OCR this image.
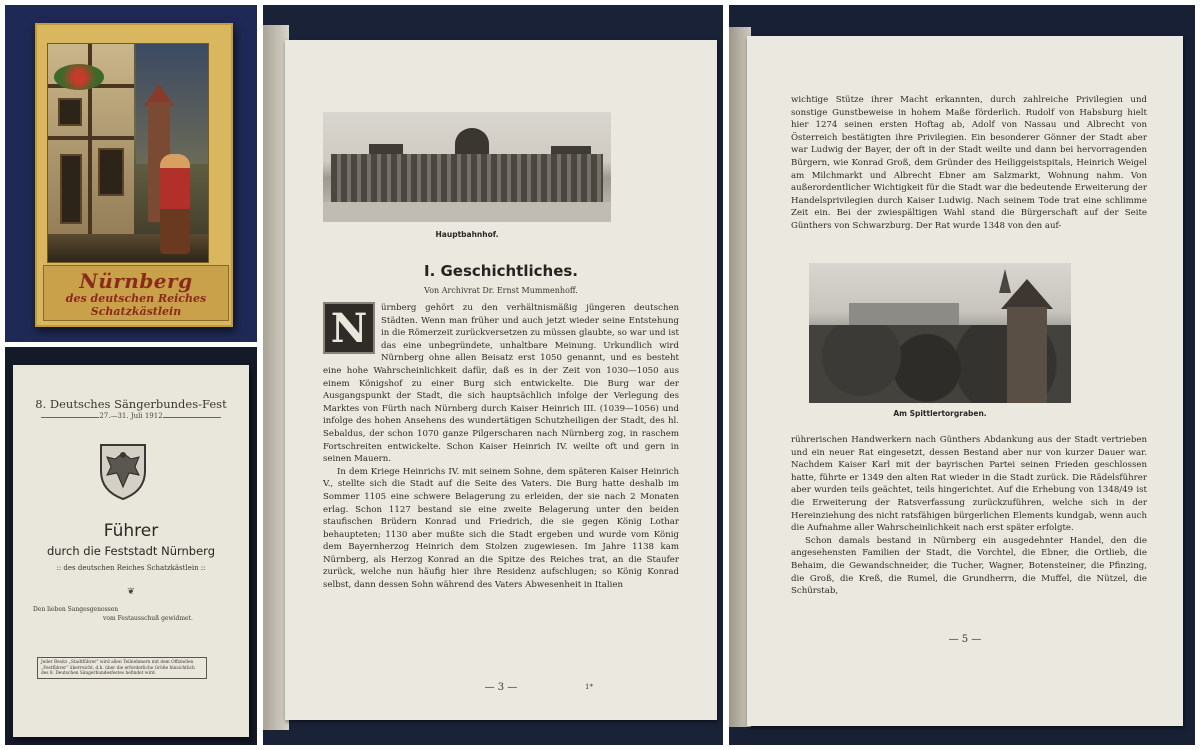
Nürnberg
des deutschen Reiches Schatzkästlein
8. Deutsches Sängerbundes-Fest
27.—31. Juli 1912
Führer
durch die Feststadt Nürnberg
:: des deutschen Reiches Schatzkästlein ::
❦
Den lieben Sangesgenossen
vom Festausschuß gewidmet.
Jeder Besitz „Stadtführer“ wird allen Teilnehmern mit dem Offiziellen „Festführer“ überreicht, d.h. über die erforderliche Größe hinsichtlich des 8. Deutschen Sängerbundesfestes befindet wird.
Hauptbahnhof.
I. Geschichtliches.
Von Archivrat Dr. Ernst Mummenhoff.

ürnberg gehört zu den verhältnismäßig jüngeren deutschen Städten. Wenn man früher und auch jetzt wieder seine Entstehung in die Römerzeit zurückversetzen zu müssen glaubte, so war und ist das eine unbegründete, unhaltbare Meinung. Urkundlich wird Nürnberg ohne allen Beisatz erst 1050 genannt, und es besteht eine hohe Wahrscheinlichkeit dafür, daß es in der Zeit von 1030—1050 aus einem Königshof zu einer Burg sich entwickelte. Die Burg war der Ausgangspunkt der Stadt, die sich hauptsächlich infolge der Verlegung des Marktes von Fürth nach Nürnberg durch Kaiser Heinrich III. (1039—1056) und infolge des hohen Ansehens des wundertätigen Schutzheiligen der Stadt, des hl. Sebaldus, der schon 1070 ganze Pilgerscharen nach Nürnberg zog, in raschem Fortschreiten entwickelte. Schon Kaiser Heinrich IV. weilte oft und gern in seinen Mauern.

In dem Kriege Heinrichs IV. mit seinem Sohne, dem späteren Kaiser Heinrich V., stellte sich die Stadt auf die Seite des Vaters. Die Burg hatte deshalb im Sommer 1105 eine schwere Belagerung zu erleiden, der sie nach 2 Monaten erlag. Schon 1127 bestand sie eine zweite Belagerung unter den beiden staufischen Brüdern Konrad und Friedrich, die sie gegen König Lothar behaupteten; 1130 aber mußte sich die Stadt ergeben und wurde vom König dem Bayernherzog Heinrich dem Stolzen zugewiesen. Im Jahre 1138 kam Nürnberg, als Herzog Konrad an die Spitze des Reiches trat, an die Staufer zurück, welche nun häufig hier ihre Residenz aufschlugen; so König Konrad selbst, dann dessen Sohn während des Vaters Abwesenheit in Italien

N
— 3 —	1*

wichtige Stütze ihrer Macht erkannten, durch zahlreiche Privilegien und sonstige Gunstbeweise in hohem Maße förderlich. Rudolf von Habsburg hielt hier 1274 seinen ersten Hoftag ab, Adolf von Nassau und Albrecht von Österreich bestätigten ihre Privilegien. Ein besonderer Gönner der Stadt aber war Ludwig der Bayer, der oft in der Stadt weilte und dann bei hervorragenden Bürgern, wie Konrad Groß, dem Gründer des Heiliggeistspitals, Heinrich Weigel am Milchmarkt und Albrecht Ebner am Salzmarkt, Wohnung nahm. Von außerordentlicher Wichtigkeit für die Stadt war die bedeutende Erweiterung der Handelsprivilegien durch Kaiser Ludwig. Nach seinem Tode trat eine schlimme Zeit ein. Bei der zwiespältigen Wahl stand die Bürgerschaft auf der Seite Günthers von Schwarzburg. Der Rat wurde 1348 von den auf-

Am Spittlertorgraben.

rührerischen Handwerkern nach Günthers Abdankung aus der Stadt vertrieben und ein neuer Rat eingesetzt, dessen Bestand aber nur von kurzer Dauer war. Nachdem Kaiser Karl mit der bayrischen Partei seinen Frieden geschlossen hatte, führte er 1349 den alten Rat wieder in die Stadt zurück. Die Rädelsführer aber wurden teils geächtet, teils hingerichtet. Auf die Erhebung von 1348/49 ist die Erweiterung der Ratsverfassung zurückzuführen, welche sich in der Hereinziehung des nicht ratsfähigen bürgerlichen Elements kundgab, wenn auch die Aufnahme aller Wahrscheinlichkeit nach erst später erfolgte.

Schon damals bestand in Nürnberg ein ausgedehnter Handel, den die angesehensten Familien der Stadt, die Vorchtel, die Ebner, die Ortlieb, die Behaim, die Gewandschneider, die Tucher, Wagner, Botensteiner, die Pfinzing, die Groß, die Kreß, die Rumel, die Grundherrn, die Muffel, die Nützel, die Schürstab,

— 5 —
